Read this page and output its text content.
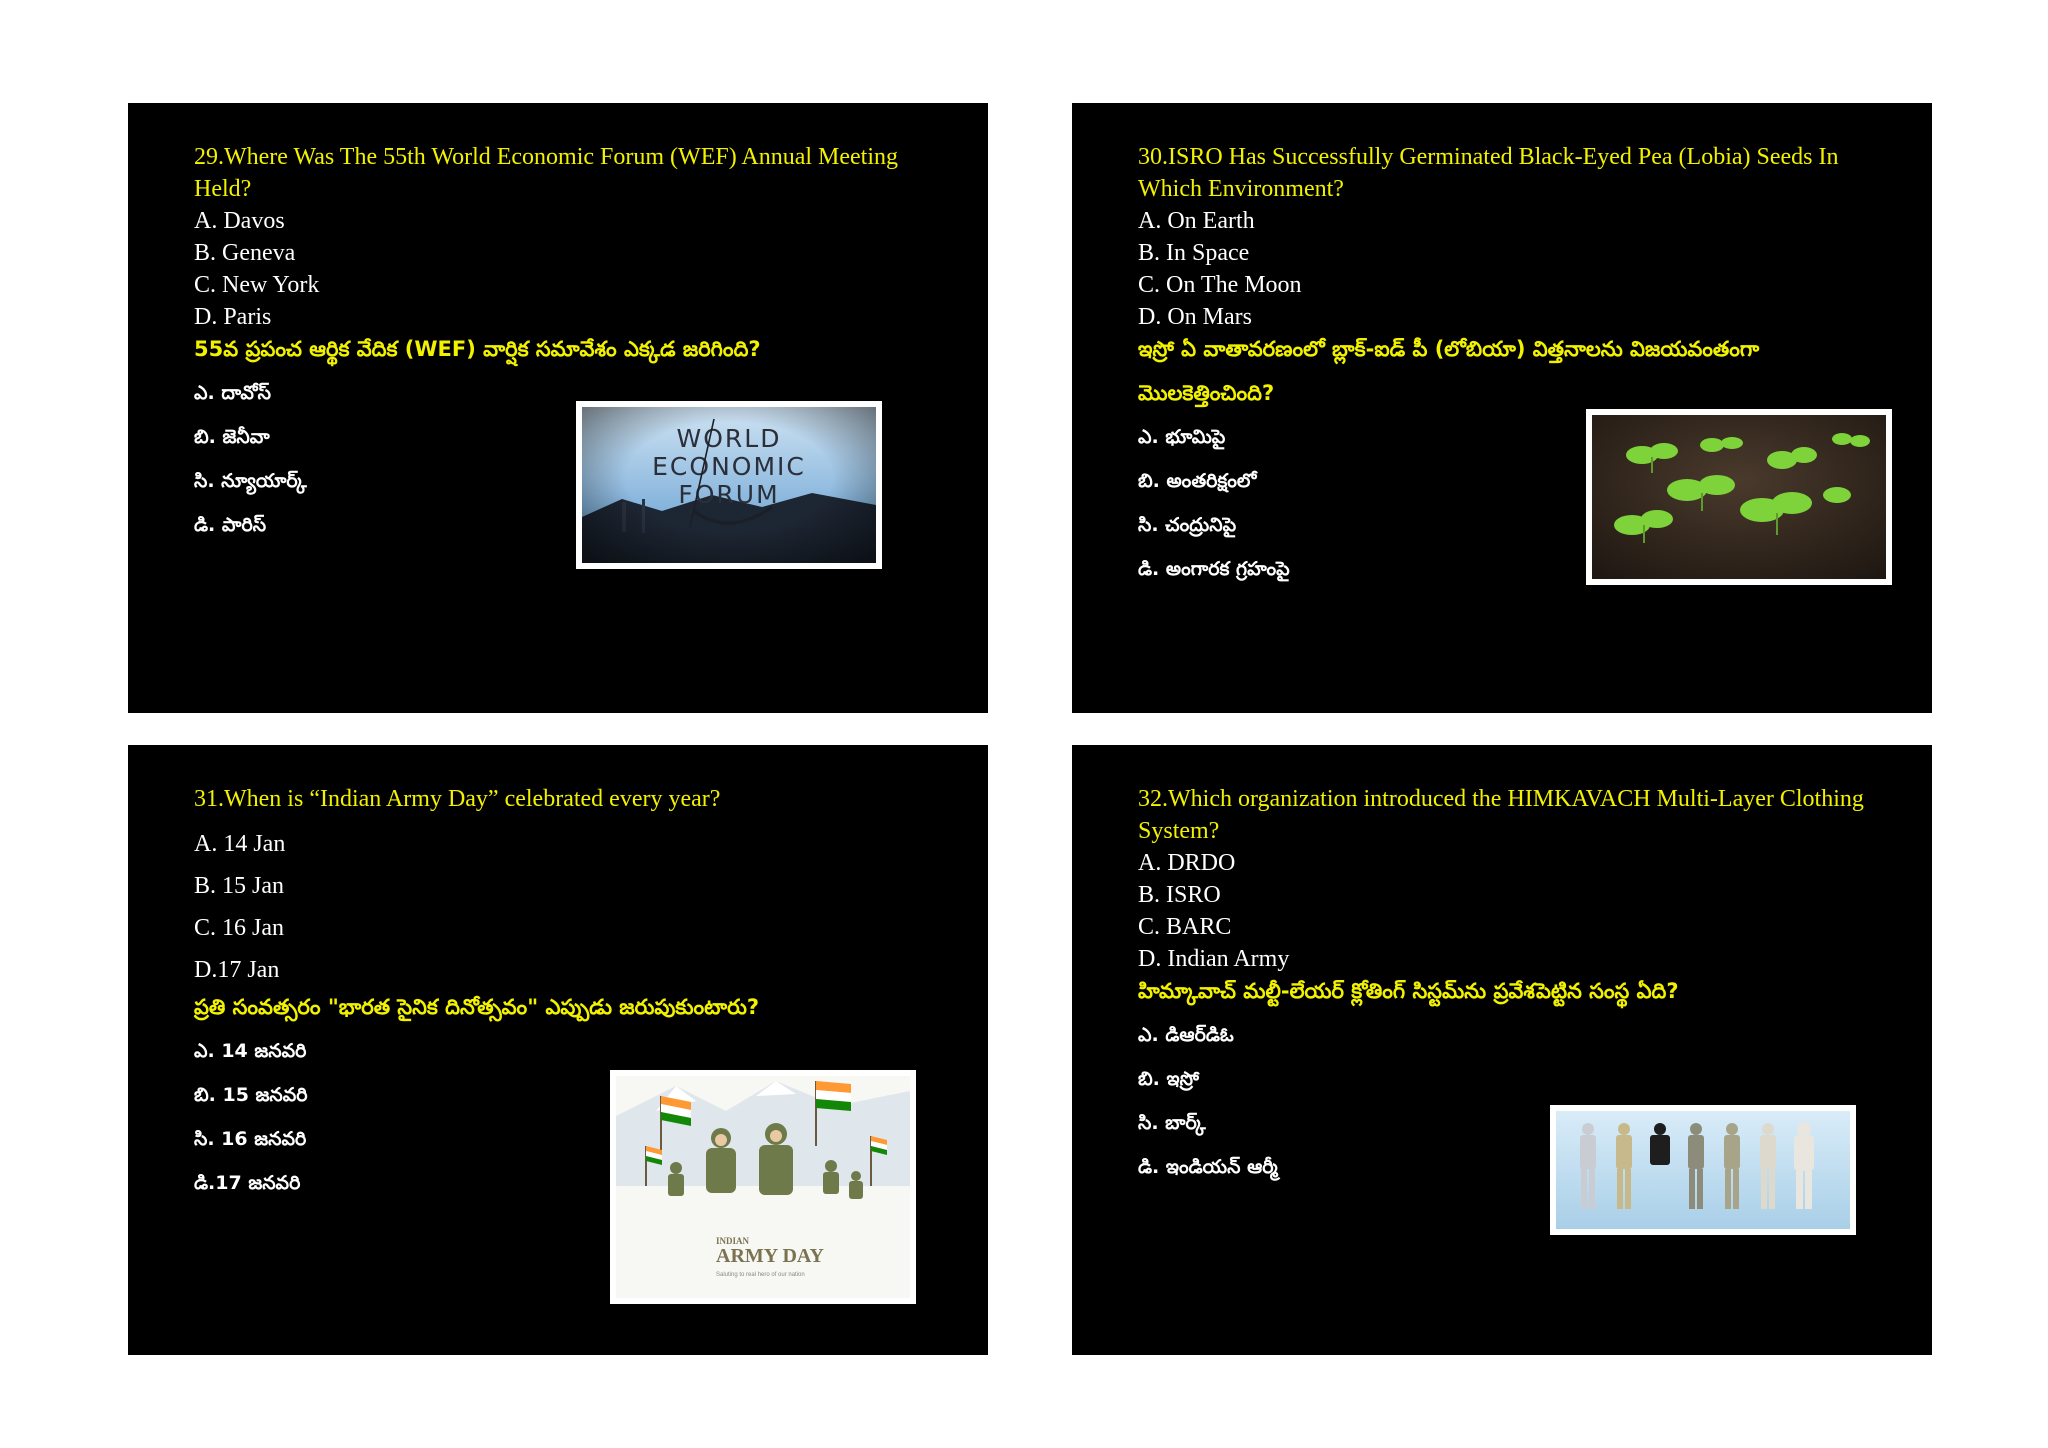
29.Where Was The 55th World Economic Forum (WEF) Annual Meeting Held?

A. Davos

B. Geneva

C. New York

D. Paris

55వ ప్రపంచ ఆర్థిక వేదిక (WEF) వార్షిక సమావేశం ఎక్కడ జరిగింది?

ఎ. దావోస్

బి. జెనీవా

సి. న్యూయార్క్

డి. పారిస్

WORLD
ECONOMIC
FORUM

30.ISRO Has Successfully Germinated Black-Eyed Pea (Lobia) Seeds In Which Environment?

A. On Earth

B. In Space

C. On The Moon

D. On Mars

ఇస్రో ఏ వాతావరణంలో బ్లాక్-ఐడ్ పీ (లోబియా) విత్తనాలను విజయవంతంగా

మొలకెత్తించింది?

ఎ. భూమిపై

బి. అంతరిక్షంలో

సి. చంద్రునిపై

డి. అంగారక గ్రహంపై

31.When is “Indian Army Day” celebrated every year?

A. 14 Jan

B. 15 Jan

C. 16 Jan

D.17 Jan

ప్రతి సంవత్సరం "భారత సైనిక దినోత్సవం" ఎప్పుడు జరుపుకుంటారు?

ఎ. 14 జనవరి

బి. 15 జనవరి

సి. 16 జనవరి

డి.17 జనవరి

INDIAN
ARMY DAY
Saluting to real hero of our nation

32.Which organization introduced the HIMKAVACH Multi-Layer Clothing System?

A. DRDO

B. ISRO

C. BARC

D. Indian Army

హిమ్కావాచ్ మల్టీ-లేయర్ క్లోతింగ్ సిస్టమ్‌ను ప్రవేశపెట్టిన సంస్థ ఏది?

ఎ. డిఆర్‌డిఓ

బి. ఇస్రో

సి. బార్క్

డి. ఇండియన్ ఆర్మీ
